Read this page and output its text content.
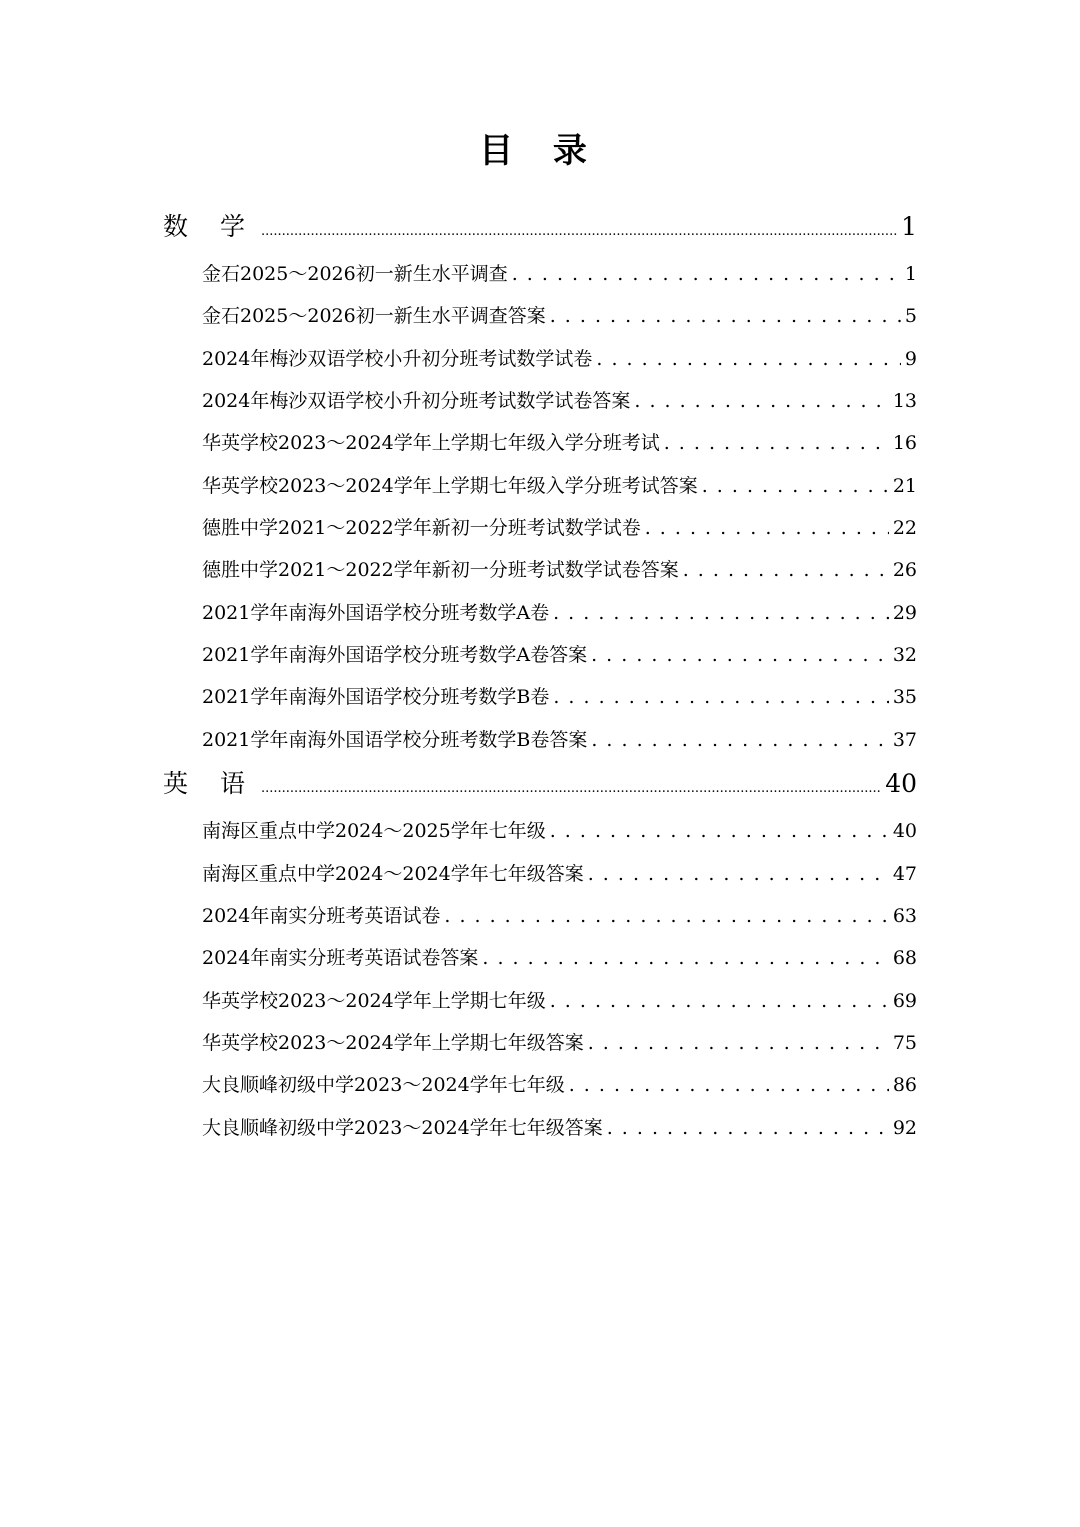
目 录
数 学 .....	1
金石2025～2026初一新生水平调查 . . .	1
金石2025～2026初一新生水平调查答案 . . .	5
2024年梅沙双语学校小升初分班考试数学试卷 . . .	9
2024年梅沙双语学校小升初分班考试数学试卷答案 . . .	13
华英学校2023～2024学年上学期七年级入学分班考试 . . .	16
华英学校2023～2024学年上学期七年级入学分班考试答案 . . .	21
德胜中学2021～2022学年新初一分班考试数学试卷 . . .	22
德胜中学2021～2022学年新初一分班考试数学试卷答案 . . .	26
2021学年南海外国语学校分班考数学A卷 . . .	29
2021学年南海外国语学校分班考数学A卷答案 . . .	32
2021学年南海外国语学校分班考数学B卷 . . .	35
2021学年南海外国语学校分班考数学B卷答案 . . .	37
英 语 .....	40
南海区重点中学2024～2025学年七年级 . . .	40
南海区重点中学2024～2024学年七年级答案 . . .	47
2024年南实分班考英语试卷 . . .	63
2024年南实分班考英语试卷答案 . . .	68
华英学校2023～2024学年上学期七年级 . . .	69
华英学校2023～2024学年上学期七年级答案 . . .	75
大良顺峰初级中学2023～2024学年七年级 . . .	86
大良顺峰初级中学2023～2024学年七年级答案 . . .	92
